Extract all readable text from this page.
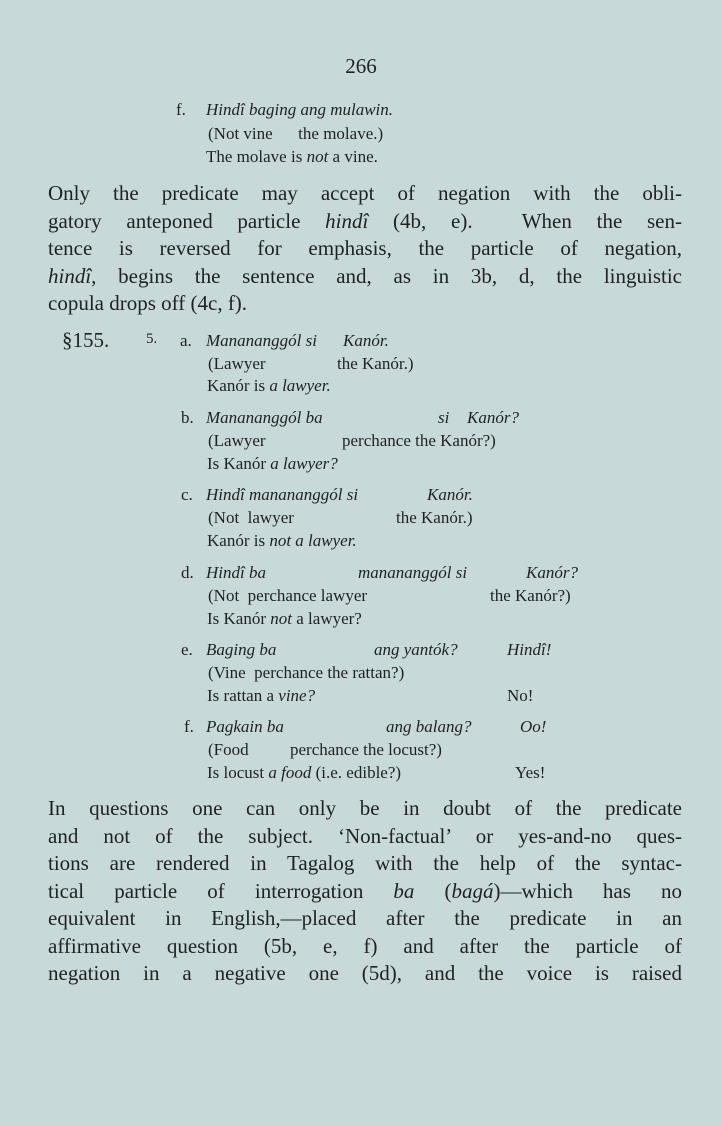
266
f. Hindî baging ang mulawin.
(Not vine      the molave.)
The molave is not a vine.
Only the predicate may accept of negation with the obli-
gatory anteponed particle hindî (4b, e).  When the sen-
tence is reversed for emphasis, the particle of negation,
hindî, begins the sentence and, as in 3b, d, the linguistic
copula drops off (4c, f).
§155. 5. a. Manananggól si Kanór.
(Lawyer	the Kanór.)
Kanór is a lawyer.
b. Manananggól ba	si Kanór?
(Lawyer	perchance the Kanór?)
Is Kanór a lawyer?
c. Hindî manananggól si	Kanór.
(Not  lawyer	the Kanór.)
Kanór is not a lawyer.
d. Hindî ba	manananggól si	Kanór?
(Not  perchance lawyer	the Kanór?)
Is Kanór not a lawyer?
e. Baging ba	ang yantók?	Hindî!
(Vine  perchance the rattan?)
Is rattan a vine?	No!
f. Pagkain ba	ang balang?	Oo!
(Food perchance the locust?)
Is locust a food (i.e. edible?)	Yes!
In questions one can only be in doubt of the predicate
and not of the subject. ‘Non-factual’ or yes-and-no ques-
tions are rendered in Tagalog with the help of the syntac-
tical particle of interrogation ba (bagá)—which has no
equivalent in English,—placed after the predicate in an
affirmative question (5b, e, f) and after the particle of
negation in a negative one (5d), and the voice is raised
